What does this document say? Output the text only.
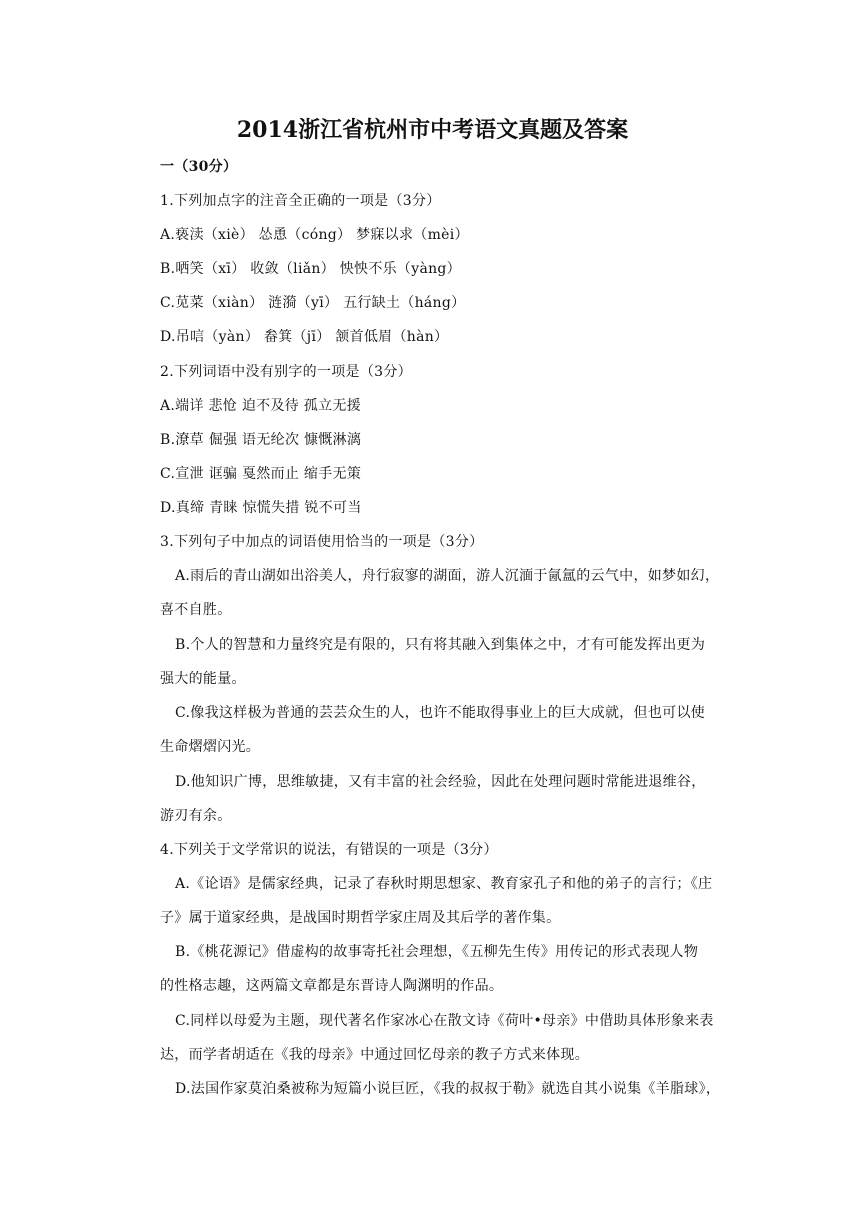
2014浙江省杭州市中考语文真题及答案
一（30分）
1.下列加点字的注音全正确的一项是（3分）
A.亵渎（xiè） 怂恿（cóng） 梦寐以求（mèi）
B.哂笑（xī） 收敛（liǎn） 怏怏不乐（yàng）
C.苋菜（xiàn） 涟漪（yī） 五行缺土（háng）
D.吊唁（yàn） 畚箕（jī） 颔首低眉（hàn）
2.下列词语中没有别字的一项是（3分）
A.端详 悲怆 迫不及待 孤立无援
B.潦草 倔强 语无纶次 慷慨淋漓
C.宣泄 诓骗 戛然而止 缩手无策
D.真缔 青睐 惊慌失措 锐不可当
3.下列句子中加点的词语使用恰当的一项是（3分）
A.雨后的青山湖如出浴美人，舟行寂寥的湖面，游人沉湎于氤氲的云气中，如梦如幻，
喜不自胜。
B.个人的智慧和力量终究是有限的，只有将其融入到集体之中，才有可能发挥出更为
强大的能量。
C.像我这样极为普通的芸芸众生的人，也许不能取得事业上的巨大成就，但也可以使
生命熠熠闪光。
D.他知识广博，思维敏捷，又有丰富的社会经验，因此在处理问题时常能进退维谷，
游刃有余。
4.下列关于文学常识的说法，有错误的一项是（3分）
A.《论语》是儒家经典，记录了春秋时期思想家、教育家孔子和他的弟子的言行；《庄
子》属于道家经典，是战国时期哲学家庄周及其后学的著作集。
B.《桃花源记》借虚构的故事寄托社会理想，《五柳先生传》用传记的形式表现人物
的性格志趣，这两篇文章都是东晋诗人陶渊明的作品。
C.同样以母爱为主题，现代著名作家冰心在散文诗《荷叶•母亲》中借助具体形象来表
达，而学者胡适在《我的母亲》中通过回忆母亲的教子方式来体现。
D.法国作家莫泊桑被称为短篇小说巨匠，《我的叔叔于勒》就选自其小说集《羊脂球》，
